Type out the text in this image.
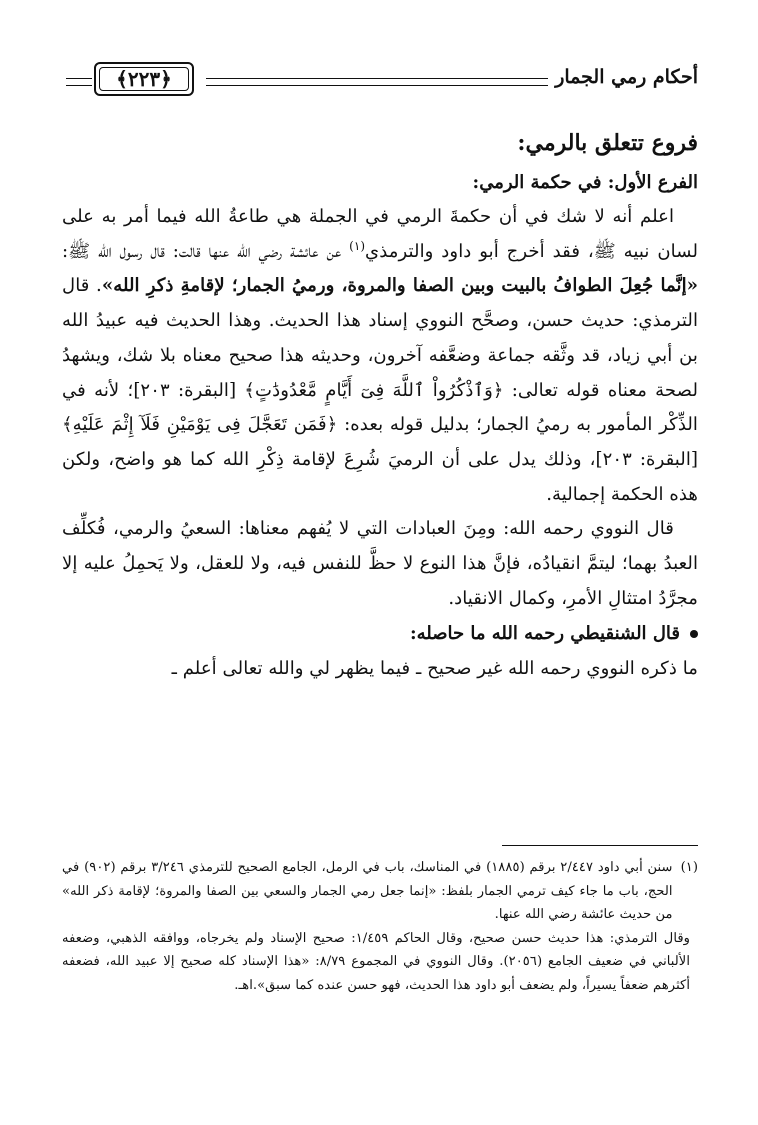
أحكام رمي الجمار
﴿٢٢٣﴾

فروع تتعلق بالرمي:

الفرع الأول: في حكمة الرمي:

اعلم أنه لا شك في أن حكمةَ الرمي في الجملة هي طاعةُ الله فيما أمر به على لسان نبيه ﷺ، فقد أخرج أبو داود والترمذي$^{(١)}$ عن عائشة رضي الله عنها قالت: قال رسول الله ﷺ: «إنَّما جُعِلَ الطوافُ بالبيت وبين الصفا والمروة، ورميُ الجمار؛ لإقامةِ ذكرِ الله». قال الترمذي: حديث حسن، وصحَّح النووي إسناد هذا الحديث. وهذا الحديث فيه عبيدُ الله بن أبي زياد، قد وثَّقه جماعة وضعَّفه آخرون، وحديثه هذا صحيح معناه بلا شك، ويشهدُ لصحة معناه قوله تعالى: ﴿وَٱذْكُرُواْ ٱللَّهَ فِىٓ أَيَّامٍ مَّعْدُودَٰتٍ﴾ [البقرة: ٢٠٣]؛ لأنه في الذِّكْر المأمور به رميُ الجمار؛ بدليل قوله بعده: ﴿فَمَن تَعَجَّلَ فِى يَوْمَيْنِ فَلَآ إِثْمَ عَلَيْهِ﴾ [البقرة: ٢٠٣]، وذلك يدل على أن الرميَ شُرِعَ لإقامة ذِكْرِ الله كما هو واضح، ولكن هذه الحكمة إجمالية.

قال النووي رحمه الله: ومِنَ العبادات التي لا يُفهم معناها: السعيُ والرمي، فُكلِّف العبدُ بهما؛ ليتمَّ انقيادُه، فإنَّ هذا النوع لا حظَّ للنفس فيه، ولا للعقل، ولا يَحمِلُ عليه إلا مجرَّدُ امتثالِ الأمرِ، وكمال الانقياد.

قال الشنقيطي رحمه الله ما حاصله:

ما ذكره النووي رحمه الله غير صحيح ـ فيما يظهر لي والله تعالى أعلم ـ

(١)
سنن أبي داود ٢/٤٤٧ برقم (١٨٨٥) في المناسك، باب في الرمل، الجامع الصحيح للترمذي ٣/٢٤٦ برقم (٩٠٢) في الحج، باب ما جاء كيف ترمي الجمار بلفظ: «إنما جعل رمي الجمار والسعي بين الصفا والمروة؛ لإقامة ذكر الله» من حديث عائشة رضي الله عنها.
وقال الترمذي: هذا حديث حسن صحيح، وقال الحاكم ١/٤٥٩: صحيح الإسناد ولم يخرجاه، ووافقه الذهبي، وضعفه الألباني في ضعيف الجامع (٢٠٥٦). وقال النووي في المجموع ٨/٧٩: «هذا الإسناد كله صحيح إلا عبيد الله، فضعفه أكثرهم ضعفاً يسيراً، ولم يضعف أبو داود هذا الحديث، فهو حسن عنده كما سبق».اهـ.
